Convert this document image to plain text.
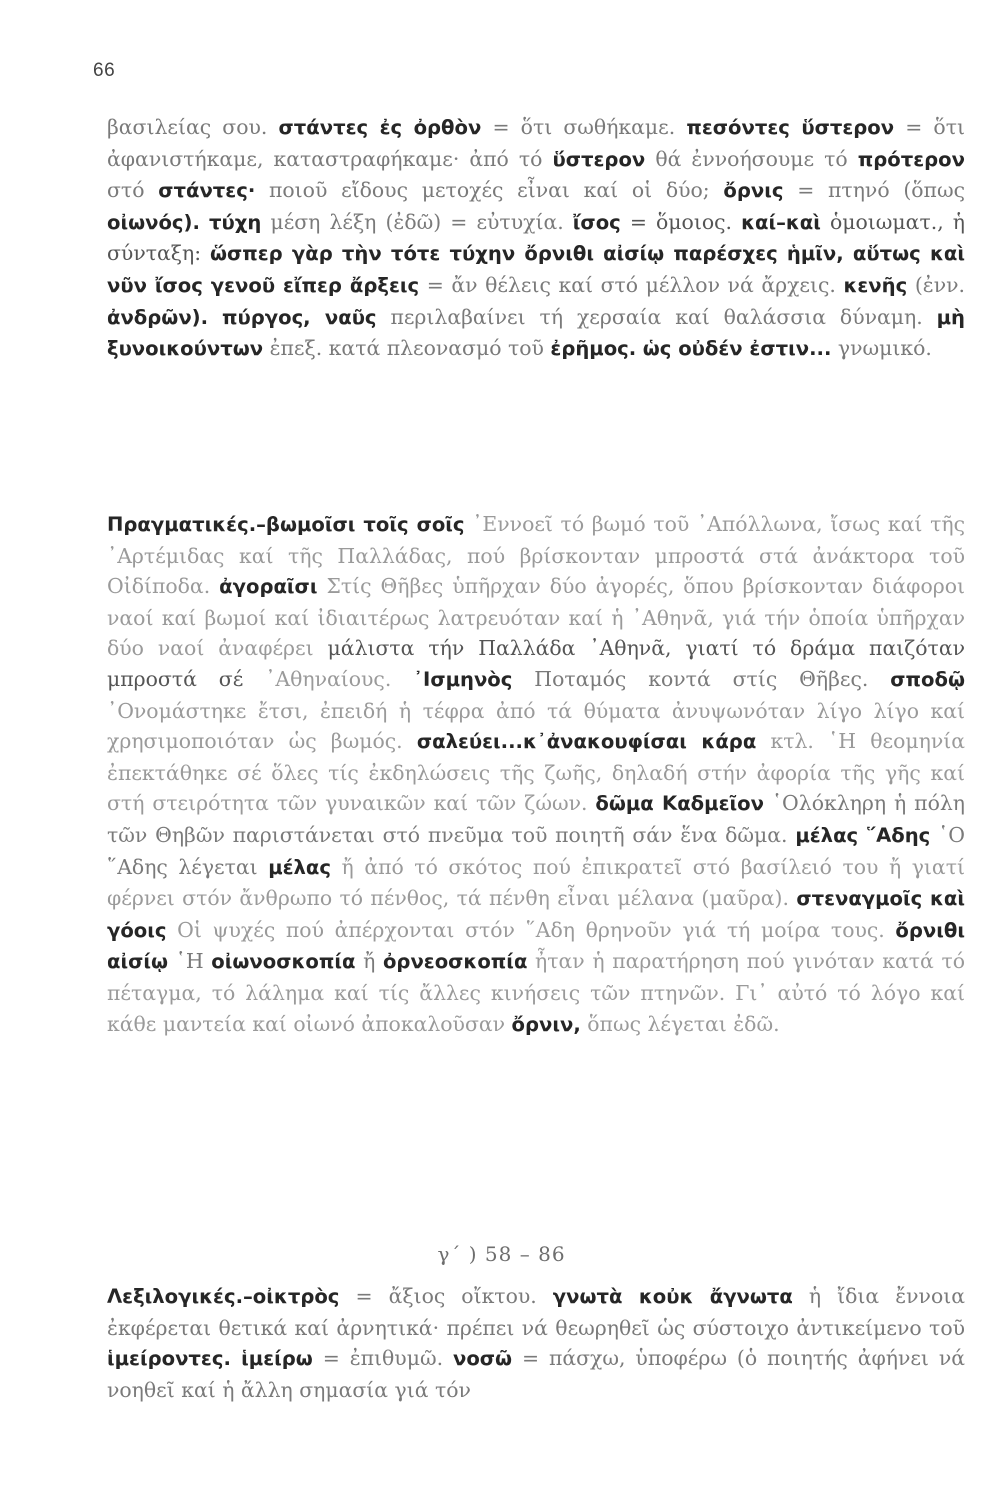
66

βασιλείας σου. στάντες ἐς ὀρθὸν = ὅτι σωθήκαμε. πεσόντες ὕστερον = ὅτι ἀφανιστήκαμε, καταστραφήκαμε· ἀπό τό ὕστερον θά ἐννοήσουμε τό πρότερον στό στάντες· ποιοῦ εἴδους μετοχές εἶναι καί οἱ δύο; ὄρνις = πτηνό (ὅπως οἰωνός). τύχη μέση λέξη (ἐδῶ) = εὐτυχία. ἴσος = ὅμοιος. καί–καὶ ὁμοιωματ., ἡ σύνταξη: ὥσπερ γὰρ τὴν τότε τύχην ὄρνιθι αἰσίῳ παρέσχες ἡμῖν, αὕτως καὶ νῦν ἴσος γενοῦ εἴπερ ἄρξεις = ἄν θέλεις καί στό μέλλον νά ἄρχεις. κενῆς (ἐνν. ἀνδρῶν). πύργος, ναῦς περιλαβαίνει τή χερσαία καί θαλάσσια δύναμη. μὴ ξυνοικούντων ἐπεξ. κατά πλεονασμό τοῦ ἐρῆμος. ὡς οὐδέν ἐστιν... γνωμικό.

Πραγματικές.–βωμοῖσι τοῖς σοῖς ᾿Εννοεῖ τό βωμό τοῦ ᾿Απόλλωνα, ἴσως καί τῆς ᾿Αρτέμιδας καί τῆς Παλλάδας, πού βρίσκονταν μπροστά στά ἀνάκτορα τοῦ Οἰδίποδα. ἀγοραῖσι Στίς Θῆβες ὑπῆρχαν δύο ἀγορές, ὅπου βρίσκονταν διάφοροι ναοί καί βωμοί καί ἰδιαιτέρως λατρευόταν καί ἡ ᾿Αθηνᾶ, γιά τήν ὁποία ὑπῆρχαν δύο ναοί ἀναφέρει μάλιστα τήν Παλλάδα ᾿Αθηνᾶ, γιατί τό δράμα παιζόταν μπροστά σέ ᾿Αθηναίους. ᾿Ισμηνὸς Ποταμός κοντά στίς Θῆβες. σποδῷ ᾿Ονομάστηκε ἔτσι, ἐπειδή ἡ τέφρα ἀπό τά θύματα ἀνυψωνόταν λίγο λίγο καί χρησιμοποιόταν ὡς βωμός. σαλεύει...κ᾿ἀνακουφίσαι κάρα κτλ. ῾Η θεομηνία ἐπεκτάθηκε σέ ὅλες τίς ἐκδηλώσεις τῆς ζωῆς, δηλαδή στήν ἀφορία τῆς γῆς καί στή στειρότητα τῶν γυναικῶν καί τῶν ζώων. δῶμα Καδμεῖον ῾Ολόκληρη ἡ πόλη τῶν Θηβῶν παριστάνεται στό πνεῦμα τοῦ ποιητῆ σάν ἕνα δῶμα. μέλας ῞Αδης ῾Ο ῞Αδης λέγεται μέλας ἤ ἀπό τό σκότος πού ἐπικρατεῖ στό βασίλειό του ἤ γιατί φέρνει στόν ἄνθρωπο τό πένθος, τά πένθη εἶναι μέλανα (μαῦρα). στεναγμοῖς καὶ γόοις Οἱ ψυχές πού ἀπέρχονται στόν ῞Αδη θρηνοῦν γιά τή μοίρα τους. ὄρνιθι αἰσίῳ ῾Η οἰωνοσκοπία ἤ ὀρνεοσκοπία ἦταν ἡ παρατήρηση πού γινόταν κατά τό πέταγμα, τό λάλημα καί τίς ἄλλες κινήσεις τῶν πτηνῶν. Γι᾿ αὐτό τό λόγο καί κάθε μαντεία καί οἰωνό ἀποκαλοῦσαν ὄρνιν, ὅπως λέγεται ἐδῶ.

γ´ ) 58 – 86

Λεξιλογικές.–οἰκτρὸς = ἄξιος οἴκτου. γνωτὰ κοὐκ ἄγνωτα ἡ ἴδια ἔννοια ἐκφέρεται θετικά καί ἀρνητικά· πρέπει νά θεωρηθεῖ ὡς σύστοιχο ἀντικείμενο τοῦ ἱμείροντες. ἱμείρω = ἐπιθυμῶ. νοσῶ = πάσχω, ὑποφέρω (ὁ ποιητής ἀφήνει νά νοηθεῖ καί ἡ ἄλλη σημασία γιά τόν
